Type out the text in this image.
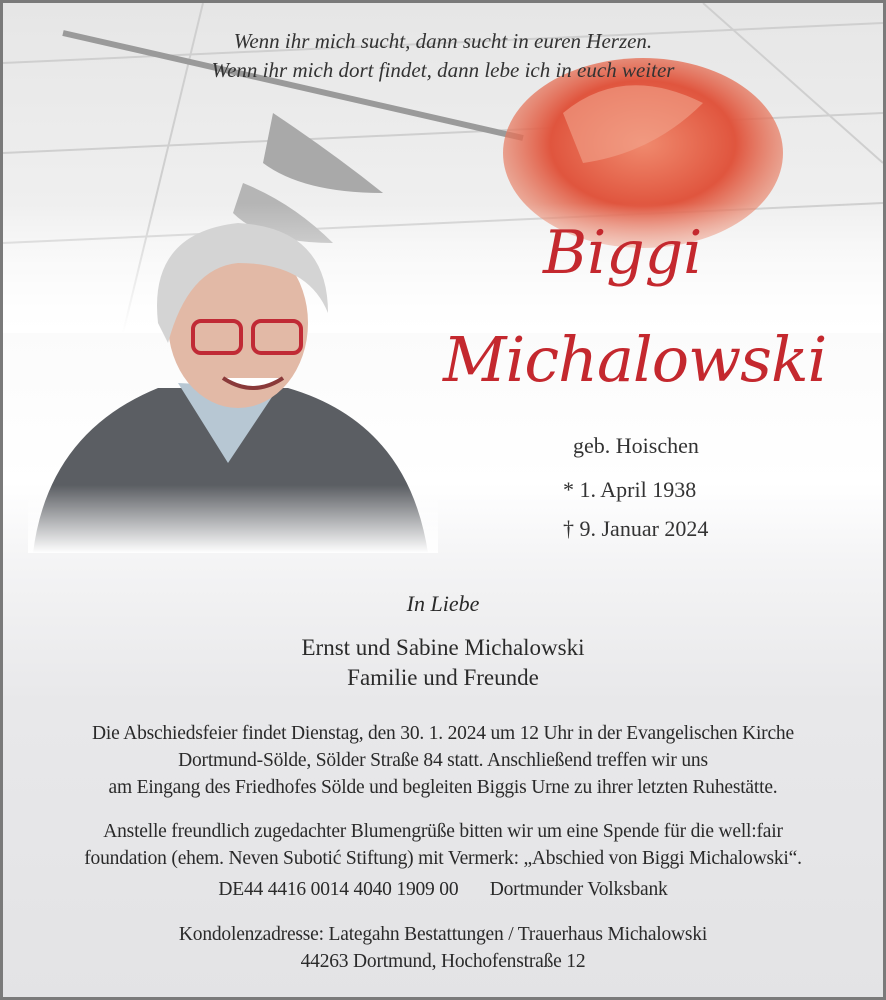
Wenn ihr mich sucht, dann sucht in euren Herzen.
Wenn ihr mich dort findet, dann lebe ich in euch weiter
Biggi
Michalowski
geb. Hoischen
* 1. April 1938
† 9. Januar 2024
In Liebe
Ernst und Sabine Michalowski
Familie und Freunde
Die Abschiedsfeier findet Dienstag, den 30. 1. 2024 um 12 Uhr in der Evangelischen Kirche
Dortmund-Sölde, Sölder Straße 84 statt. Anschließend treffen wir uns
am Eingang des Friedhofes Sölde und begleiten Biggis Urne zu ihrer letzten Ruhestätte.
Anstelle freundlich zugedachter Blumengrüße bitten wir um eine Spende für die well:fair
foundation (ehem. Neven Subotić Stiftung) mit Vermerk: „Abschied von Biggi Michalowski“.
DE44 4416 0014 4040 1909 00 Dortmunder Volksbank
Kondolenzadresse: Lategahn Bestattungen / Trauerhaus Michalowski
44263 Dortmund, Hochofenstraße 12
